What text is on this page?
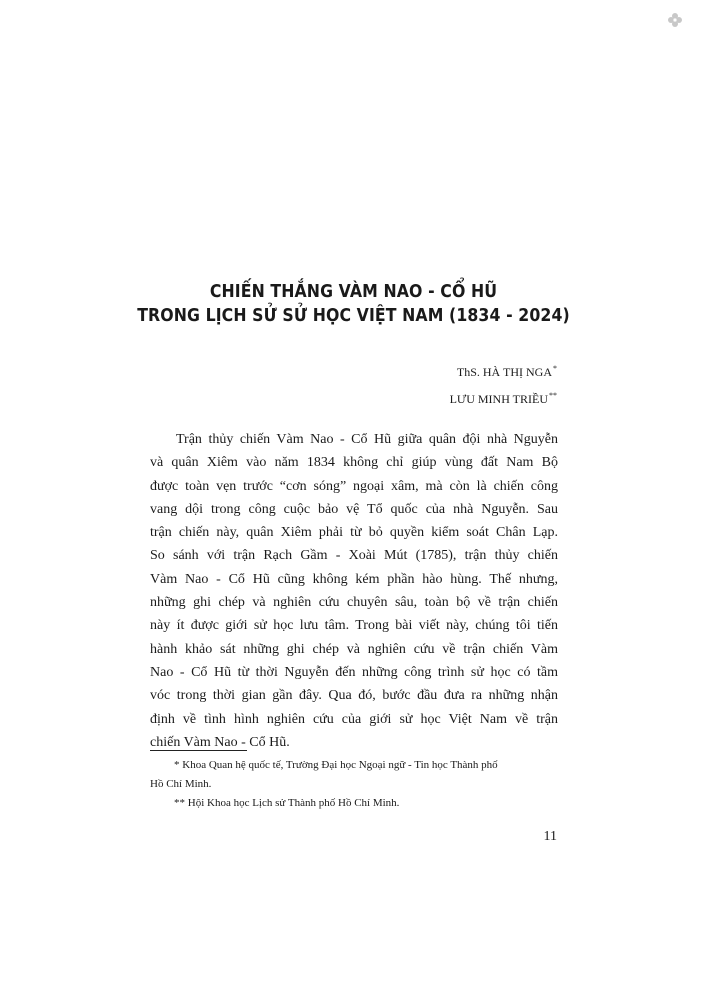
CHIẾN THẮNG VÀM NAO - CỔ HŨ
TRONG LỊCH SỬ SỬ HỌC VIỆT NAM (1834 - 2024)
ThS. HÀ THỊ NGA*
LƯU MINH TRIỀU**
Trận thủy chiến Vàm Nao - Cổ Hũ giữa quân đội nhà Nguyễn
và quân Xiêm vào năm 1834 không chỉ giúp vùng đất Nam Bộ
được toàn vẹn trước “cơn sóng” ngoại xâm, mà còn là chiến công
vang dội trong công cuộc bảo vệ Tổ quốc của nhà Nguyễn. Sau
trận chiến này, quân Xiêm phải từ bỏ quyền kiểm soát Chân Lạp.
So sánh với trận Rạch Gầm - Xoài Mút (1785), trận thủy chiến
Vàm Nao - Cổ Hũ cũng không kém phần hào hùng. Thế nhưng,
những ghi chép và nghiên cứu chuyên sâu, toàn bộ về trận chiến
này ít được giới sử học lưu tâm. Trong bài viết này, chúng tôi tiến
hành khảo sát những ghi chép và nghiên cứu về trận chiến Vàm
Nao - Cổ Hũ từ thời Nguyễn đến những công trình sử học có tầm
vóc trong thời gian gần đây. Qua đó, bước đầu đưa ra những nhận
định về tình hình nghiên cứu của giới sử học Việt Nam về trận
chiến Vàm Nao - Cổ Hũ.

* Khoa Quan hệ quốc tế, Trường Đại học Ngoại ngữ - Tin học Thành phố
Hồ Chí Minh.

** Hội Khoa học Lịch sử Thành phố Hồ Chí Minh.

11
